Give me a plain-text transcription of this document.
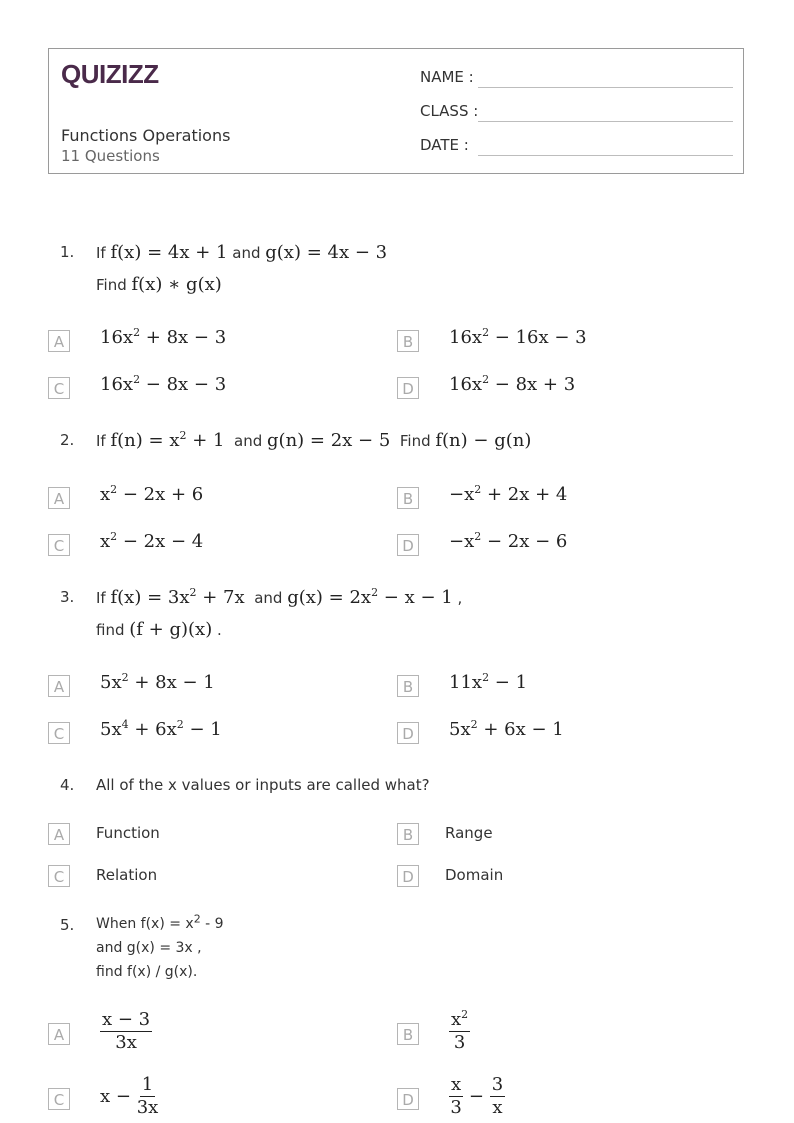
QUIZIZZ
Functions Operations
11 Questions
NAME :
CLASS :
DATE :
1. If f(x) = 4x + 1 and g(x) = 4x − 3
Find f(x) ∗ g(x)
A	$16x^2 + 8x - 3$	B	$16x^2 - 16x - 3$
C	$16x^2 - 8x - 3$	D $16x^2 - 8x + 3$
2. If $f(n) = x^2 + 1$ and g(n) = 2x − 5 Find f(n) − g(n)
A	$x^2 - 2x + 6$	B	$-x^2 + 2x + 4$
C	$x^2 - 2x - 4$	$D -x^2 - 2x - 6$
3. If $f(x) = 3x^2 + 7x$ and $g(x) = 2x^2 - x - 1$ ,
find (f + g)(x) .
A	$5x^2 + 8x - 1$	B	$11x^2 - 1$
C	$5x^4 + 6x^2 - 1$	D $5x^2 + 6x - 1$
4. All of the x values or inputs are called what?
A	Function	B	Range
C	Relation	D	Domain
5. When $f(x) = x^2 - 9$
and g(x) = 3x ,
find f(x) / g(x).
A	$\frac{x - 3}{3x}$	B	$\frac{x^2}{3}$
C	$x - \frac{1}{3x}$	D $\frac{x}{3} - \frac{3}{x}$
